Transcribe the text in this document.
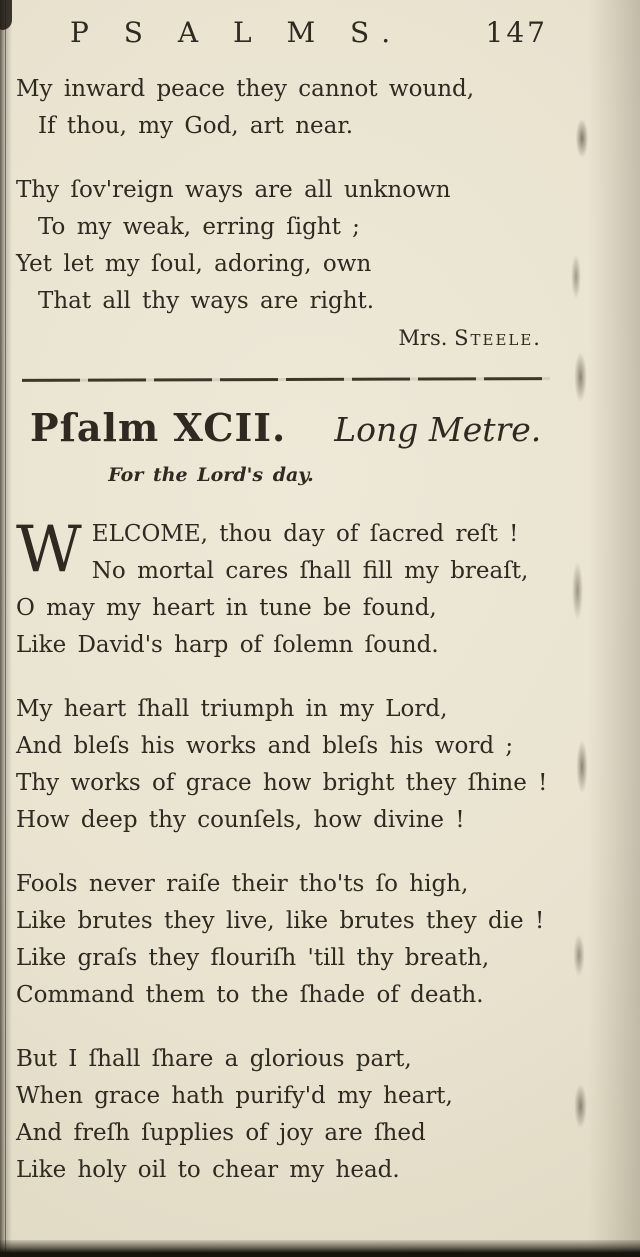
P S A L M S.	147
My inward peace they cannot wound,
If thou, my God, art near.
Thy ſov'reign ways are all unknown
To my weak, erring ſight ;
Yet let my ſoul, adoring, own
That all thy ways are right.
Mrs. Steele.
Pſalm XCII. Long Metre.
For the Lord's day.
W ELCOME, thou day of ſacred reſt !
No mortal cares ſhall fill my breaſt,
O may my heart in tune be found,
Like David's harp of ſolemn ſound.
My heart ſhall triumph in my Lord,
And bleſs his works and bleſs his word ;
Thy works of grace how bright they ſhine !
How deep thy counſels, how divine !
Fools never raiſe their tho'ts ſo high,
Like brutes they live, like brutes they die !
Like graſs they flouriſh 'till thy breath,
Command them to the ſhade of death.
But I ſhall ſhare a glorious part,
When grace hath purify'd my heart,
And freſh ſupplies of joy are ſhed
Like holy oil to chear my head.
